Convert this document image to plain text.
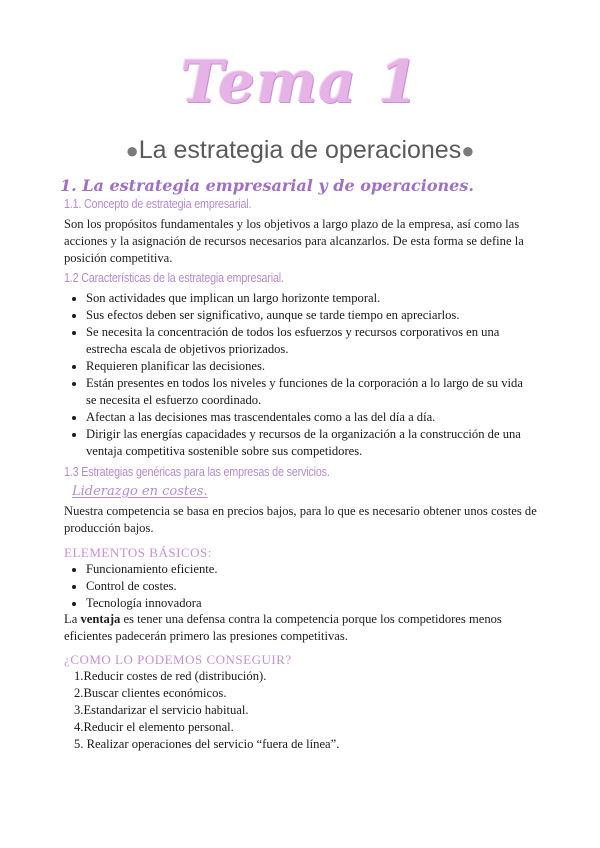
Tema 1
●La estrategia de operaciones●
1. La estrategia empresarial y de operaciones.
1.1. Concepto de estrategia empresarial.
Son los propósitos fundamentales y los objetivos a largo plazo de la empresa, así como las acciones y la asignación de recursos necesarios para alcanzarlos. De esta forma se define la posición competitiva.
1.2 Características de la estrategia empresarial.
Son actividades que implican un largo horizonte temporal.
Sus efectos deben ser significativo, aunque se tarde tiempo en apreciarlos.
Se necesita la concentración de todos los esfuerzos y recursos corporativos en una estrecha escala de objetivos priorizados.
Requieren planificar las decisiones.
Están presentes en todos los niveles y funciones de la corporación a lo largo de su vida se necesita el esfuerzo coordinado.
Afectan a las decisiones mas trascendentales como a las del día a día.
Dirigir las energías capacidades y recursos de la organización a la construcción de una ventaja competitiva sostenible sobre sus competidores.
1.3 Estrategias genéricas para las empresas de servicios.
Liderazgo en costes.
Nuestra competencia se basa en precios bajos, para lo que es necesario obtener unos costes de producción bajos.
ELEMENTOS BÁSICOS:
Funcionamiento eficiente.
Control de costes.
Tecnología innovadora
La ventaja es tener una defensa contra la competencia porque los competidores menos eficientes padecerán primero las presiones competitivas.
¿COMO LO PODEMOS CONSEGUIR?
1.Reducir costes de red (distribución).
2.Buscar clientes económicos.
3.Estandarizar el servicio habitual.
4.Reducir el elemento personal.
5. Realizar operaciones del servicio “fuera de línea”.
